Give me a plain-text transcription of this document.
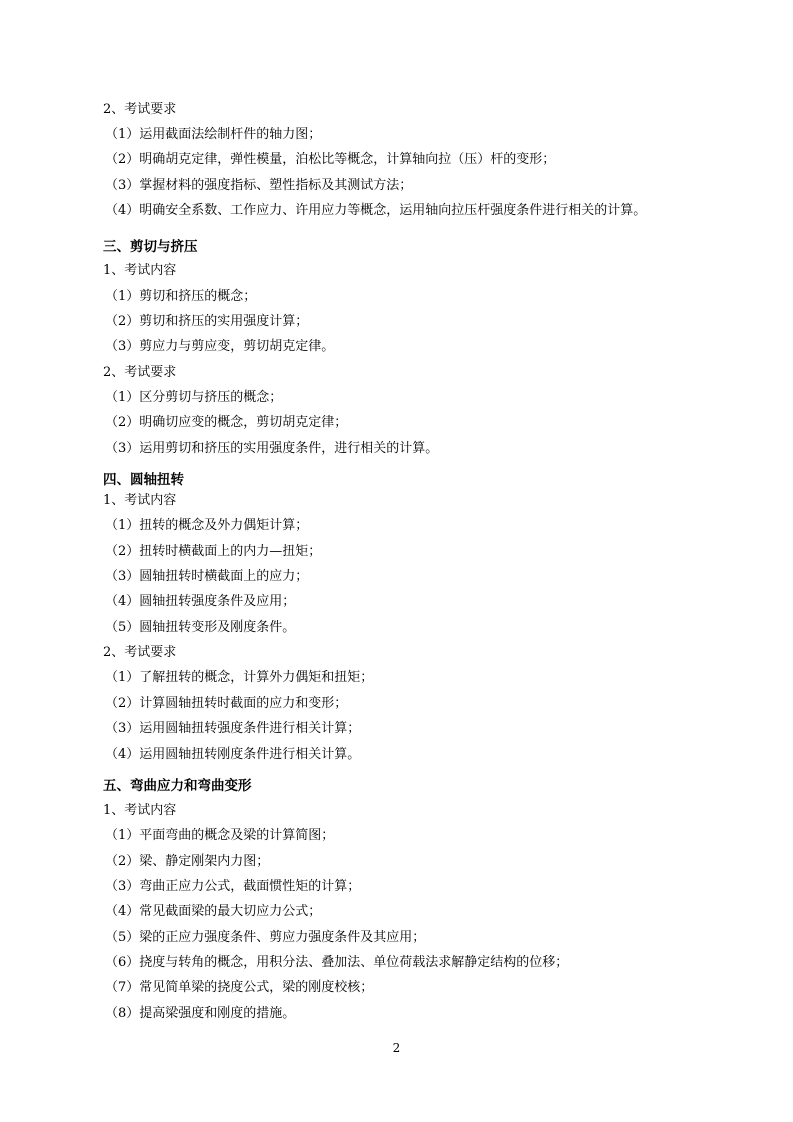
2、考试要求
（1）运用截面法绘制杆件的轴力图；
（2）明确胡克定律，弹性模量，泊松比等概念，计算轴向拉（压）杆的变形；
（3）掌握材料的强度指标、塑性指标及其测试方法；
（4）明确安全系数、工作应力、许用应力等概念，运用轴向拉压杆强度条件进行相关的计算。
三、剪切与挤压
1、考试内容
（1）剪切和挤压的概念；
（2）剪切和挤压的实用强度计算；
（3）剪应力与剪应变，剪切胡克定律。
2、考试要求
（1）区分剪切与挤压的概念；
（2）明确切应变的概念，剪切胡克定律；
（3）运用剪切和挤压的实用强度条件，进行相关的计算。
四、圆轴扭转
1、考试内容
（1）扭转的概念及外力偶矩计算；
（2）扭转时横截面上的内力—扭矩；
（3）圆轴扭转时横截面上的应力；
（4）圆轴扭转强度条件及应用；
（5）圆轴扭转变形及刚度条件。
2、考试要求
（1）了解扭转的概念，计算外力偶矩和扭矩；
（2）计算圆轴扭转时截面的应力和变形；
（3）运用圆轴扭转强度条件进行相关计算；
（4）运用圆轴扭转刚度条件进行相关计算。
五、弯曲应力和弯曲变形
1、考试内容
（1）平面弯曲的概念及梁的计算简图；
（2）梁、静定刚架内力图；
（3）弯曲正应力公式，截面惯性矩的计算；
（4）常见截面梁的最大切应力公式；
（5）梁的正应力强度条件、剪应力强度条件及其应用；
（6）挠度与转角的概念，用积分法、叠加法、单位荷载法求解静定结构的位移；
（7）常见简单梁的挠度公式，梁的刚度校核；
（8）提高梁强度和刚度的措施。
2
